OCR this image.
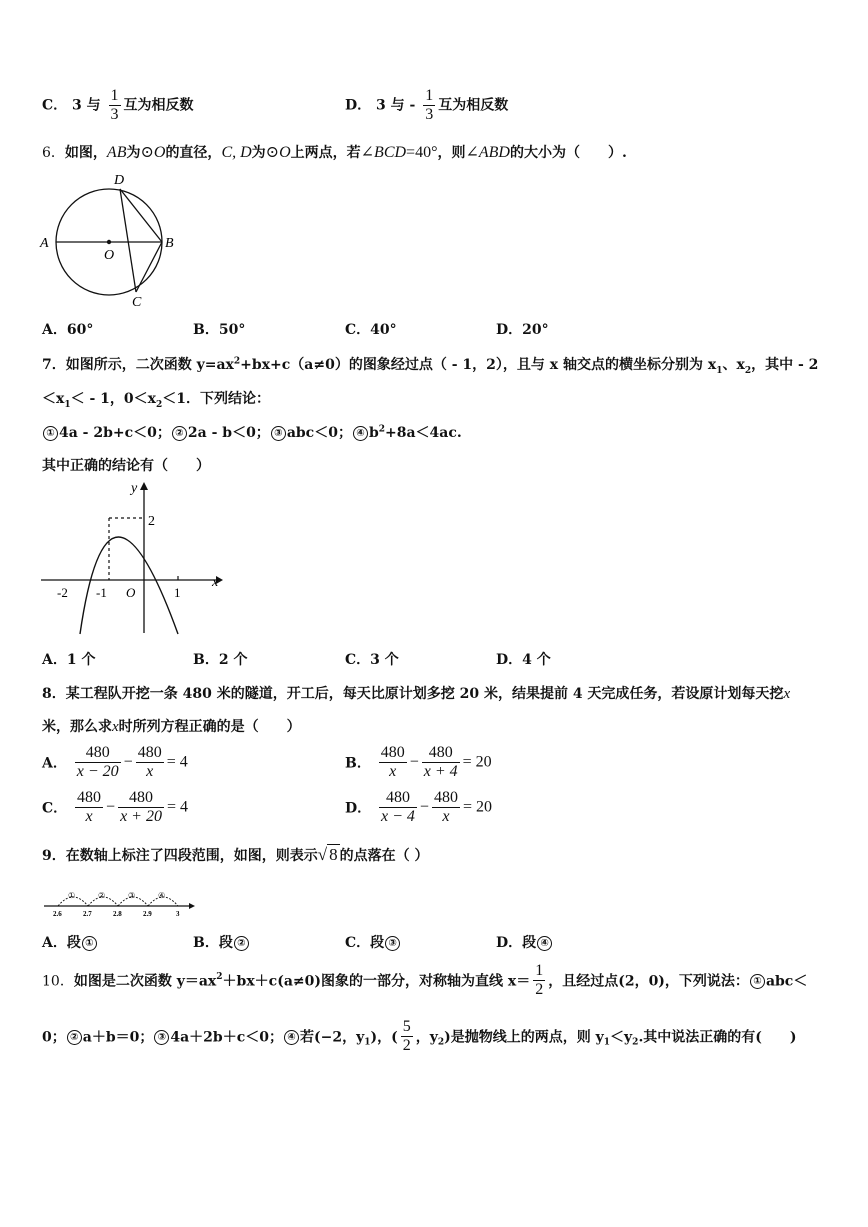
C． 3 与 $\frac{1}{3}$ 互为相反数	D． 3 与 - $\frac{1}{3}$ 互为相反数
6．如图，AB为⊙O的直径，C, D为⊙O上两点，若∠BCD=40°，则∠ABD的大小为（　　）.
A	B
D
C
O
A．60°	B．50°	C．40°	D．20°
7．如图所示，二次函数 $y=ax^2+bx+c(a\ne 0)$的图象经过点（ - 1，2），且与 x 轴交点的横坐标分别为 $x_1$、$x_2$，其中 - 2
$<x_1< - 1$，$0<x_2<1$．下列结论：
① 4a - 2b+c＜0； ② 2a - b＜0； ③ abc＜0； ④ $b^2+8a<4ac$.
其中正确的结论有（　　）
y
x
2
-2 -1 O	1
A．1 个	B．2 个	C．3 个	D．4 个
8．某工程队开挖一条 480 米的隧道，开工后，每天比原计划多挖 20 米，结果提前 4 天完成任务，若设原计划每天挖x
米，那么求x时所列方程正确的是（　　）
A． $\frac{480}{x - 20} - \frac{480}{x} = 4$	B． $\frac{480}{x} - \frac{480}{x + 4} = 20$
C． $\frac{480}{x} - \frac{480}{x + 20} = 4$	D． $\frac{480}{x - 4} - \frac{480}{x} = 20$
9．在数轴上标注了四段范围，如图，则表示√ 8 的点落在（ ）
①	②	③	④
2.6	2.7	2.8	2.9	3
A．段 ①	B．段 ②	C．段 ③	D．段 ④
10．如图是二次函数 $y=ax^2+bx+c(a\ne 0)$图象的一部分，对称轴为直线 $x= \frac{1}{2}$ ，且经过点(2，0)，下列说法： ① abc＜
0； ② a＋b＝0； ③ 4a＋2b＋c＜0； ④ 若(−2，$y_1$)，( $\frac{5}{2}$ ，$y_2$)是抛物线上的两点，则 $y_1<y_2$.其中说法正确的有(　　)
